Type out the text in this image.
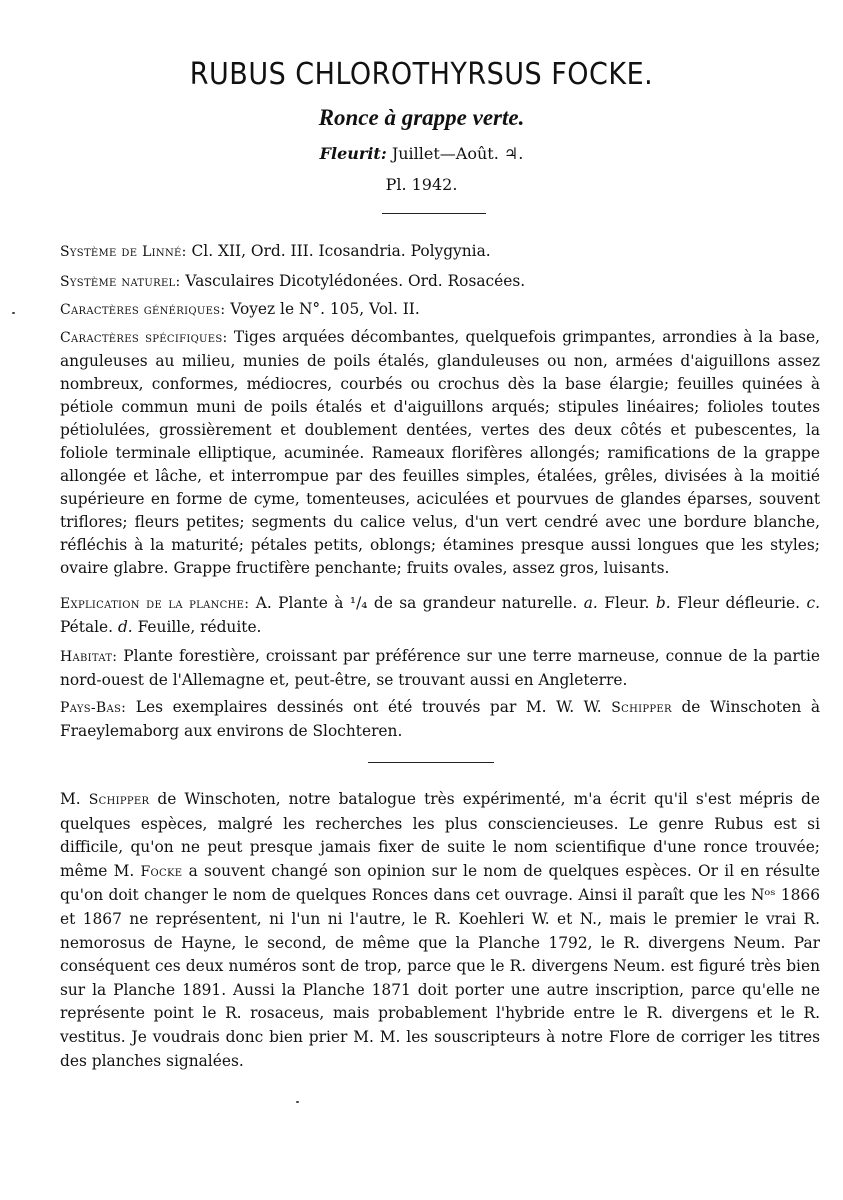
RUBUS CHLOROTHYRSUS FOCKE.
Ronce à grappe verte.
Fleurit: Juillet—Août. ♃.
Pl. 1942.
Système de Linné: Cl. XII, Ord. III. Icosandria. Polygynia.
Système naturel: Vasculaires Dicotylédonées. Ord. Rosacées.
Caractères génériques: Voyez le N°. 105, Vol. II.
Caractères spécifiques: Tiges arquées décombantes, quelquefois grimpantes, arrondies à la base, anguleuses au milieu, munies de poils étalés, glanduleuses ou non, armées d'aiguillons assez nombreux, conformes, médiocres, courbés ou crochus dès la base élargie; feuilles quinées à pétiole commun muni de poils étalés et d'aiguillons arqués; stipules linéaires; folioles toutes pétiolulées, grossièrement et doublement dentées, vertes des deux côtés et pubescentes, la foliole terminale elliptique, acuminée. Rameaux florifères allongés; ramifications de la grappe allongée et lâche, et interrompue par des feuilles simples, étalées, grêles, divisées à la moitié supérieure en forme de cyme, tomenteuses, aciculées et pourvues de glandes éparses, souvent triflores; fleurs petites; segments du calice velus, d'un vert cendré avec une bordure blanche, réfléchis à la maturité; pétales petits, oblongs; étamines presque aussi longues que les styles; ovaire glabre. Grappe fructifère penchante; fruits ovales, assez gros, luisants.
Explication de la planche: A. Plante à ¹/₄ de sa grandeur naturelle. a. Fleur. b. Fleur défleurie. c. Pétale. d. Feuille, réduite.
Habitat: Plante forestière, croissant par préférence sur une terre marneuse, connue de la partie nord-ouest de l'Allemagne et, peut-être, se trouvant aussi en Angleterre.
Pays-Bas: Les exemplaires dessinés ont été trouvés par M. W. W. Schipper de Winschoten à Fraeylemaborg aux environs de Slochteren.
M. Schipper de Winschoten, notre batalogue très expérimenté, m'a écrit qu'il s'est mépris de quelques espèces, malgré les recherches les plus consciencieuses. Le genre Rubus est si difficile, qu'on ne peut presque jamais fixer de suite le nom scientifique d'une ronce trouvée; même M. Focke a souvent changé son opinion sur le nom de quelques espèces. Or il en résulte qu'on doit changer le nom de quelques Ronces dans cet ouvrage. Ainsi il paraît que les Nᵒˢ 1866 et 1867 ne représentent, ni l'un ni l'autre, le R. Koehleri W. et N., mais le premier le vrai R. nemorosus de Hayne, le second, de même que la Planche 1792, le R. divergens Neum. Par conséquent ces deux numéros sont de trop, parce que le R. divergens Neum. est figuré très bien sur la Planche 1891. Aussi la Planche 1871 doit porter une autre inscription, parce qu'elle ne représente point le R. rosaceus, mais probablement l'hybride entre le R. divergens et le R. vestitus. Je voudrais donc bien prier M. M. les souscripteurs à notre Flore de corriger les titres des planches signalées.
